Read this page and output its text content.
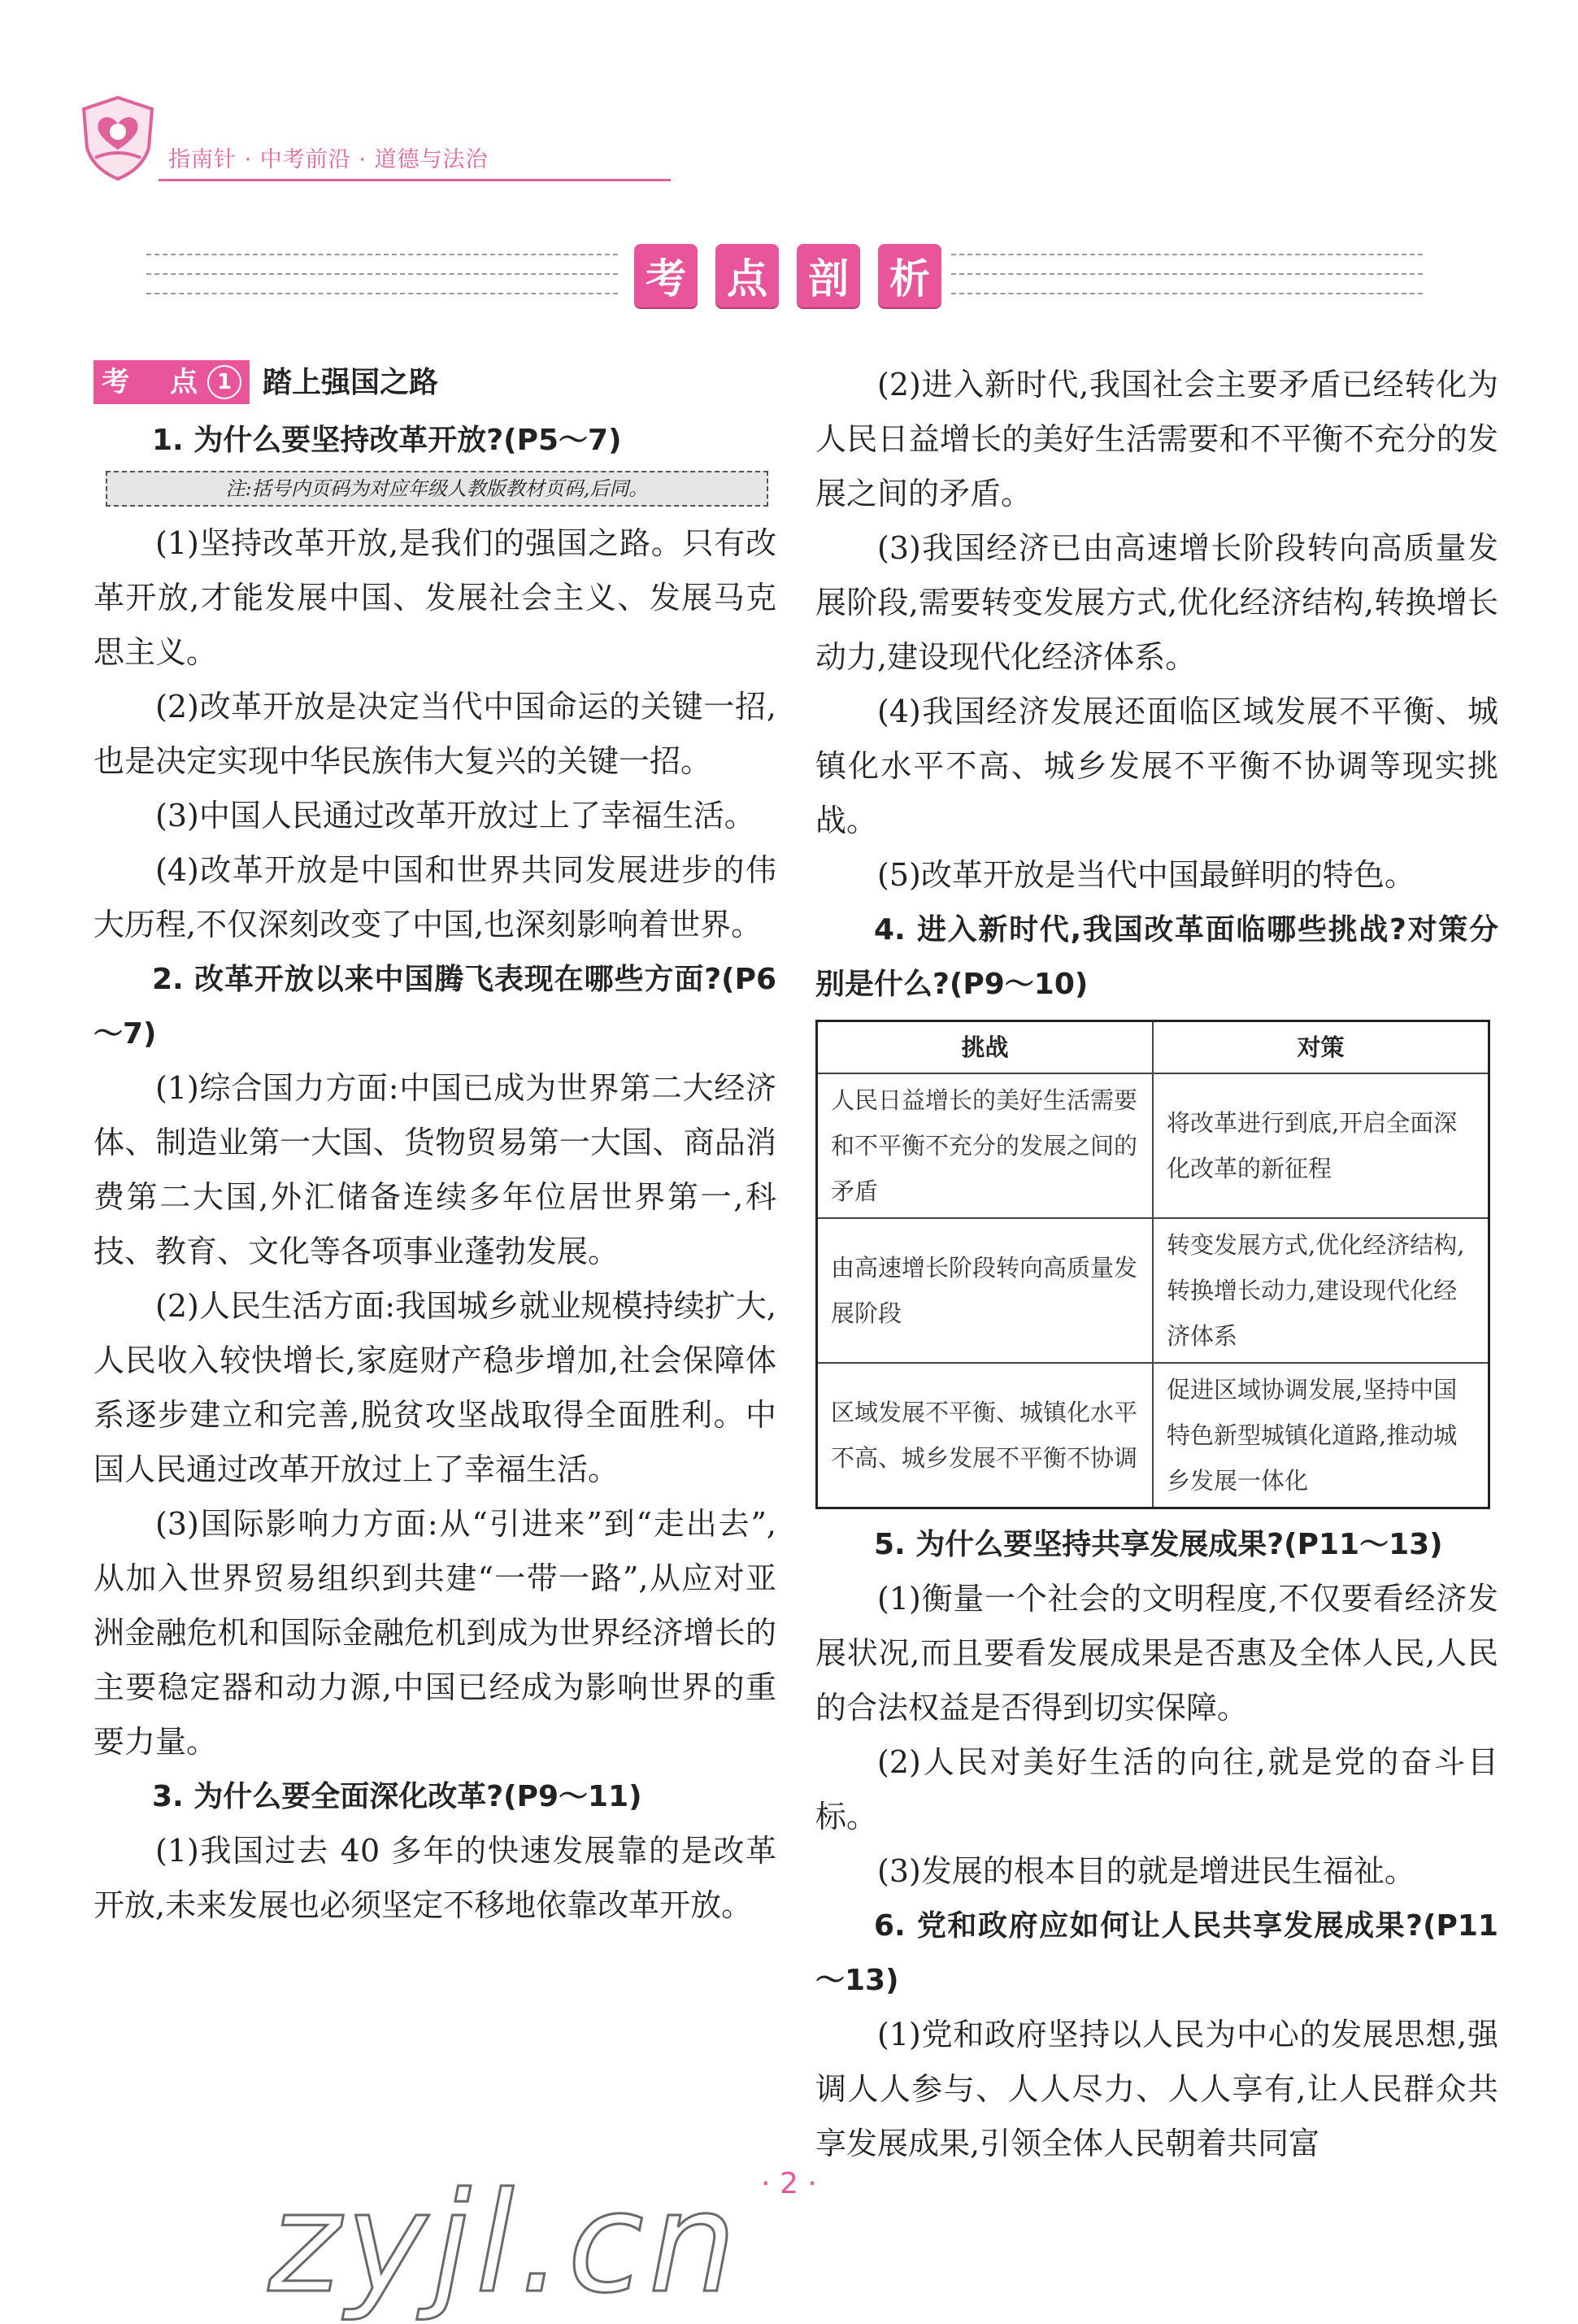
指南针 · 中考前沿 · 道德与法治
考 点 剖 析
考　点 1	踏上强国之路

1. 为什么要坚持改革开放?(P5～7)

注:括号内页码为对应年级人教版教材页码,后同。

(1)坚持改革开放,是我们的强国之路。只有改革开放,才能发展中国、发展社会主义、发展马克思主义。

(2)改革开放是决定当代中国命运的关键一招,也是决定实现中华民族伟大复兴的关键一招。

(3)中国人民通过改革开放过上了幸福生活。

(4)改革开放是中国和世界共同发展进步的伟大历程,不仅深刻改变了中国,也深刻影响着世界。

2. 改革开放以来中国腾飞表现在哪些方面?(P6～7)

(1)综合国力方面:中国已成为世界第二大经济体、制造业第一大国、货物贸易第一大国、商品消费第二大国,外汇储备连续多年位居世界第一,科技、教育、文化等各项事业蓬勃发展。

(2)人民生活方面:我国城乡就业规模持续扩大,人民收入较快增长,家庭财产稳步增加,社会保障体系逐步建立和完善,脱贫攻坚战取得全面胜利。中国人民通过改革开放过上了幸福生活。

(3)国际影响力方面:从“引进来”到“走出去”,从加入世界贸易组织到共建“一带一路”,从应对亚洲金融危机和国际金融危机到成为世界经济增长的主要稳定器和动力源,中国已经成为影响世界的重要力量。

3. 为什么要全面深化改革?(P9～11)

(1)我国过去 40 多年的快速发展靠的是改革开放,未来发展也必须坚定不移地依靠改革开放。

(2)进入新时代,我国社会主要矛盾已经转化为人民日益增长的美好生活需要和不平衡不充分的发展之间的矛盾。

(3)我国经济已由高速增长阶段转向高质量发展阶段,需要转变发展方式,优化经济结构,转换增长动力,建设现代化经济体系。

(4)我国经济发展还面临区域发展不平衡、城镇化水平不高、城乡发展不平衡不协调等现实挑战。

(5)改革开放是当代中国最鲜明的特色。

4. 进入新时代,我国改革面临哪些挑战?对策分别是什么?(P9～10)

挑战	对策
人民日益增长的美好生活需要和不平衡不充分的发展之间的矛盾	将改革进行到底,开启全面深化改革的新征程
由高速增长阶段转向高质量发展阶段	转变发展方式,优化经济结构,转换增长动力,建设现代化经济体系
区域发展不平衡、城镇化水平不高、城乡发展不平衡不协调	促进区域协调发展,坚持中国特色新型城镇化道路,推动城乡发展一体化

5. 为什么要坚持共享发展成果?(P11～13)

(1)衡量一个社会的文明程度,不仅要看经济发展状况,而且要看发展成果是否惠及全体人民,人民的合法权益是否得到切实保障。

(2)人民对美好生活的向往,就是党的奋斗目标。

(3)发展的根本目的就是增进民生福祉。

6. 党和政府应如何让人民共享发展成果?(P11～13)

(1)党和政府坚持以人民为中心的发展思想,强调人人参与、人人尽力、人人享有,让人民群众共享发展成果,引领全体人民朝着共同富

· 2 ·
zyjl.cn
